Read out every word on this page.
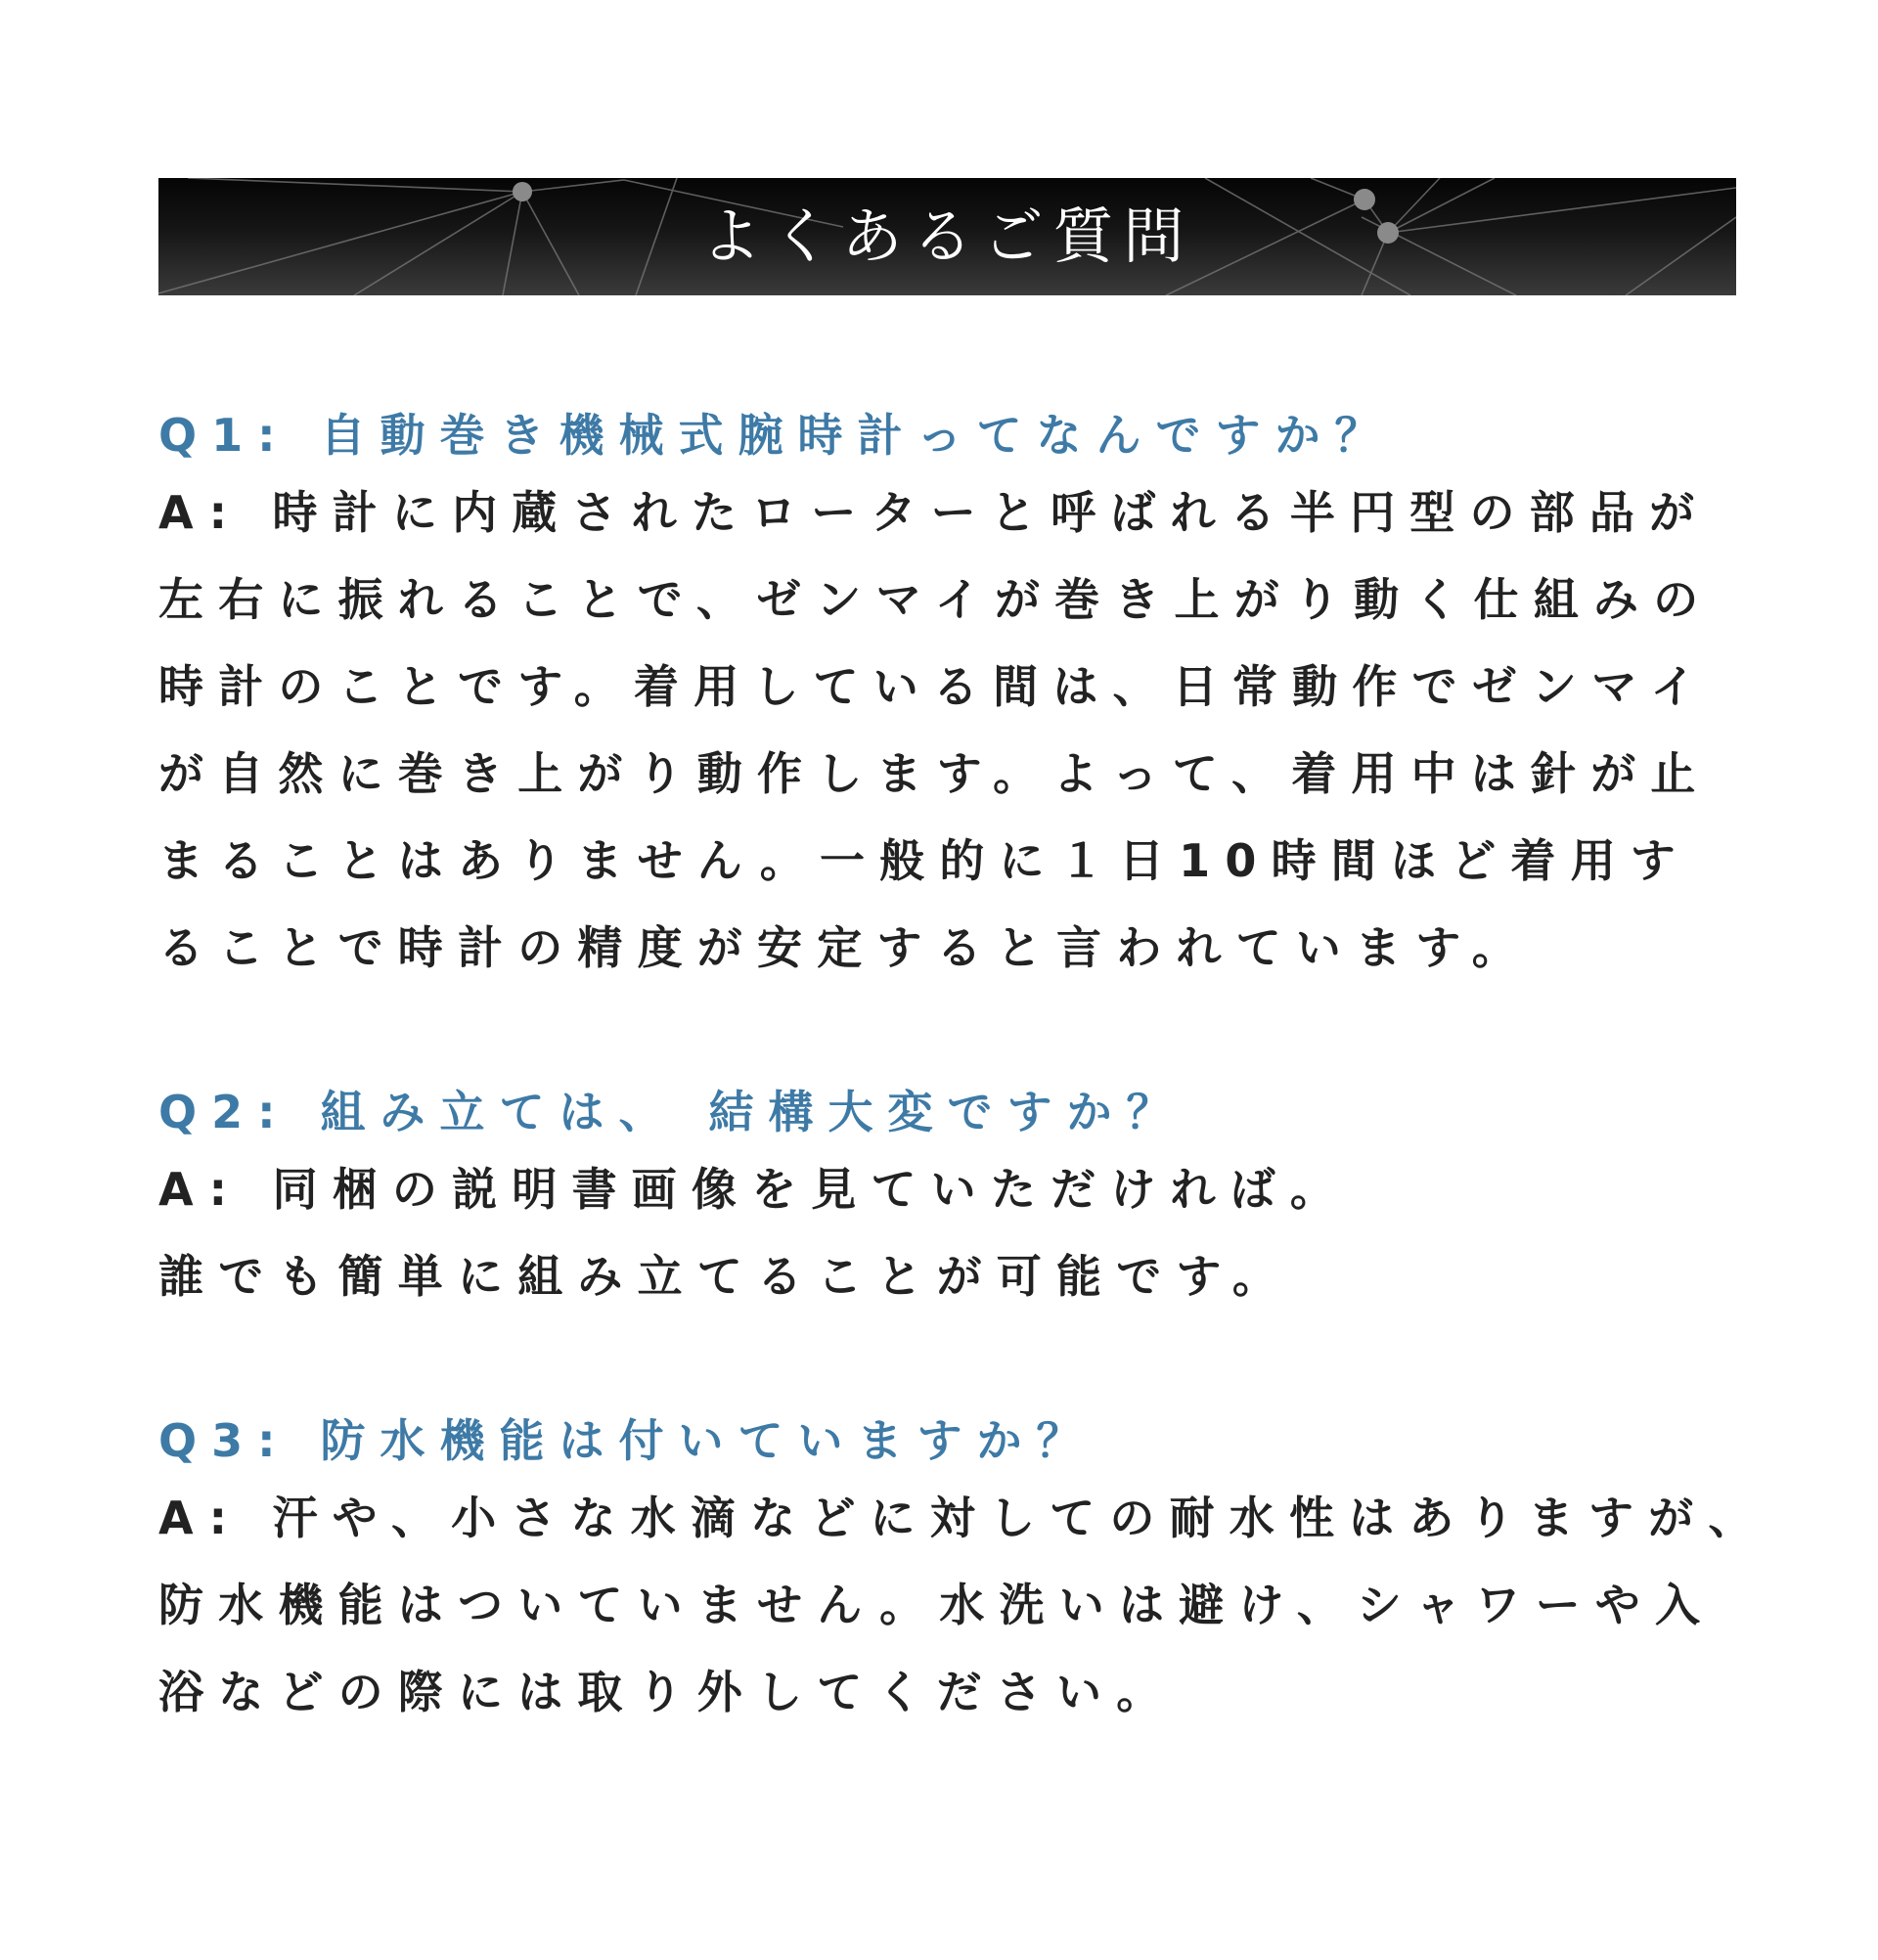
よくあるご質問
Q1: 自動巻き機械式腕時計ってなんですか？

A: 時計に内蔵されたローターと呼ばれる半円型の部品が
左右に振れることで、ゼンマイが巻き上がり動く仕組みの
時計のことです。着用している間は、日常動作でゼンマイ
が自然に巻き上がり動作します。よって、着用中は針が止
まることはありません。一般的に１日10時間ほど着用す
ることで時計の精度が安定すると言われています。

Q2: 組み立ては、 結構大変ですか？

A: 同梱の説明書画像を見ていただければ。
誰でも簡単に組み立てることが可能です。

Q3: 防水機能は付いていますか？

A: 汗や、小さな水滴などに対しての耐水性はありますが、
防水機能はついていません。水洗いは避け、シャワーや入
浴などの際には取り外してください。
